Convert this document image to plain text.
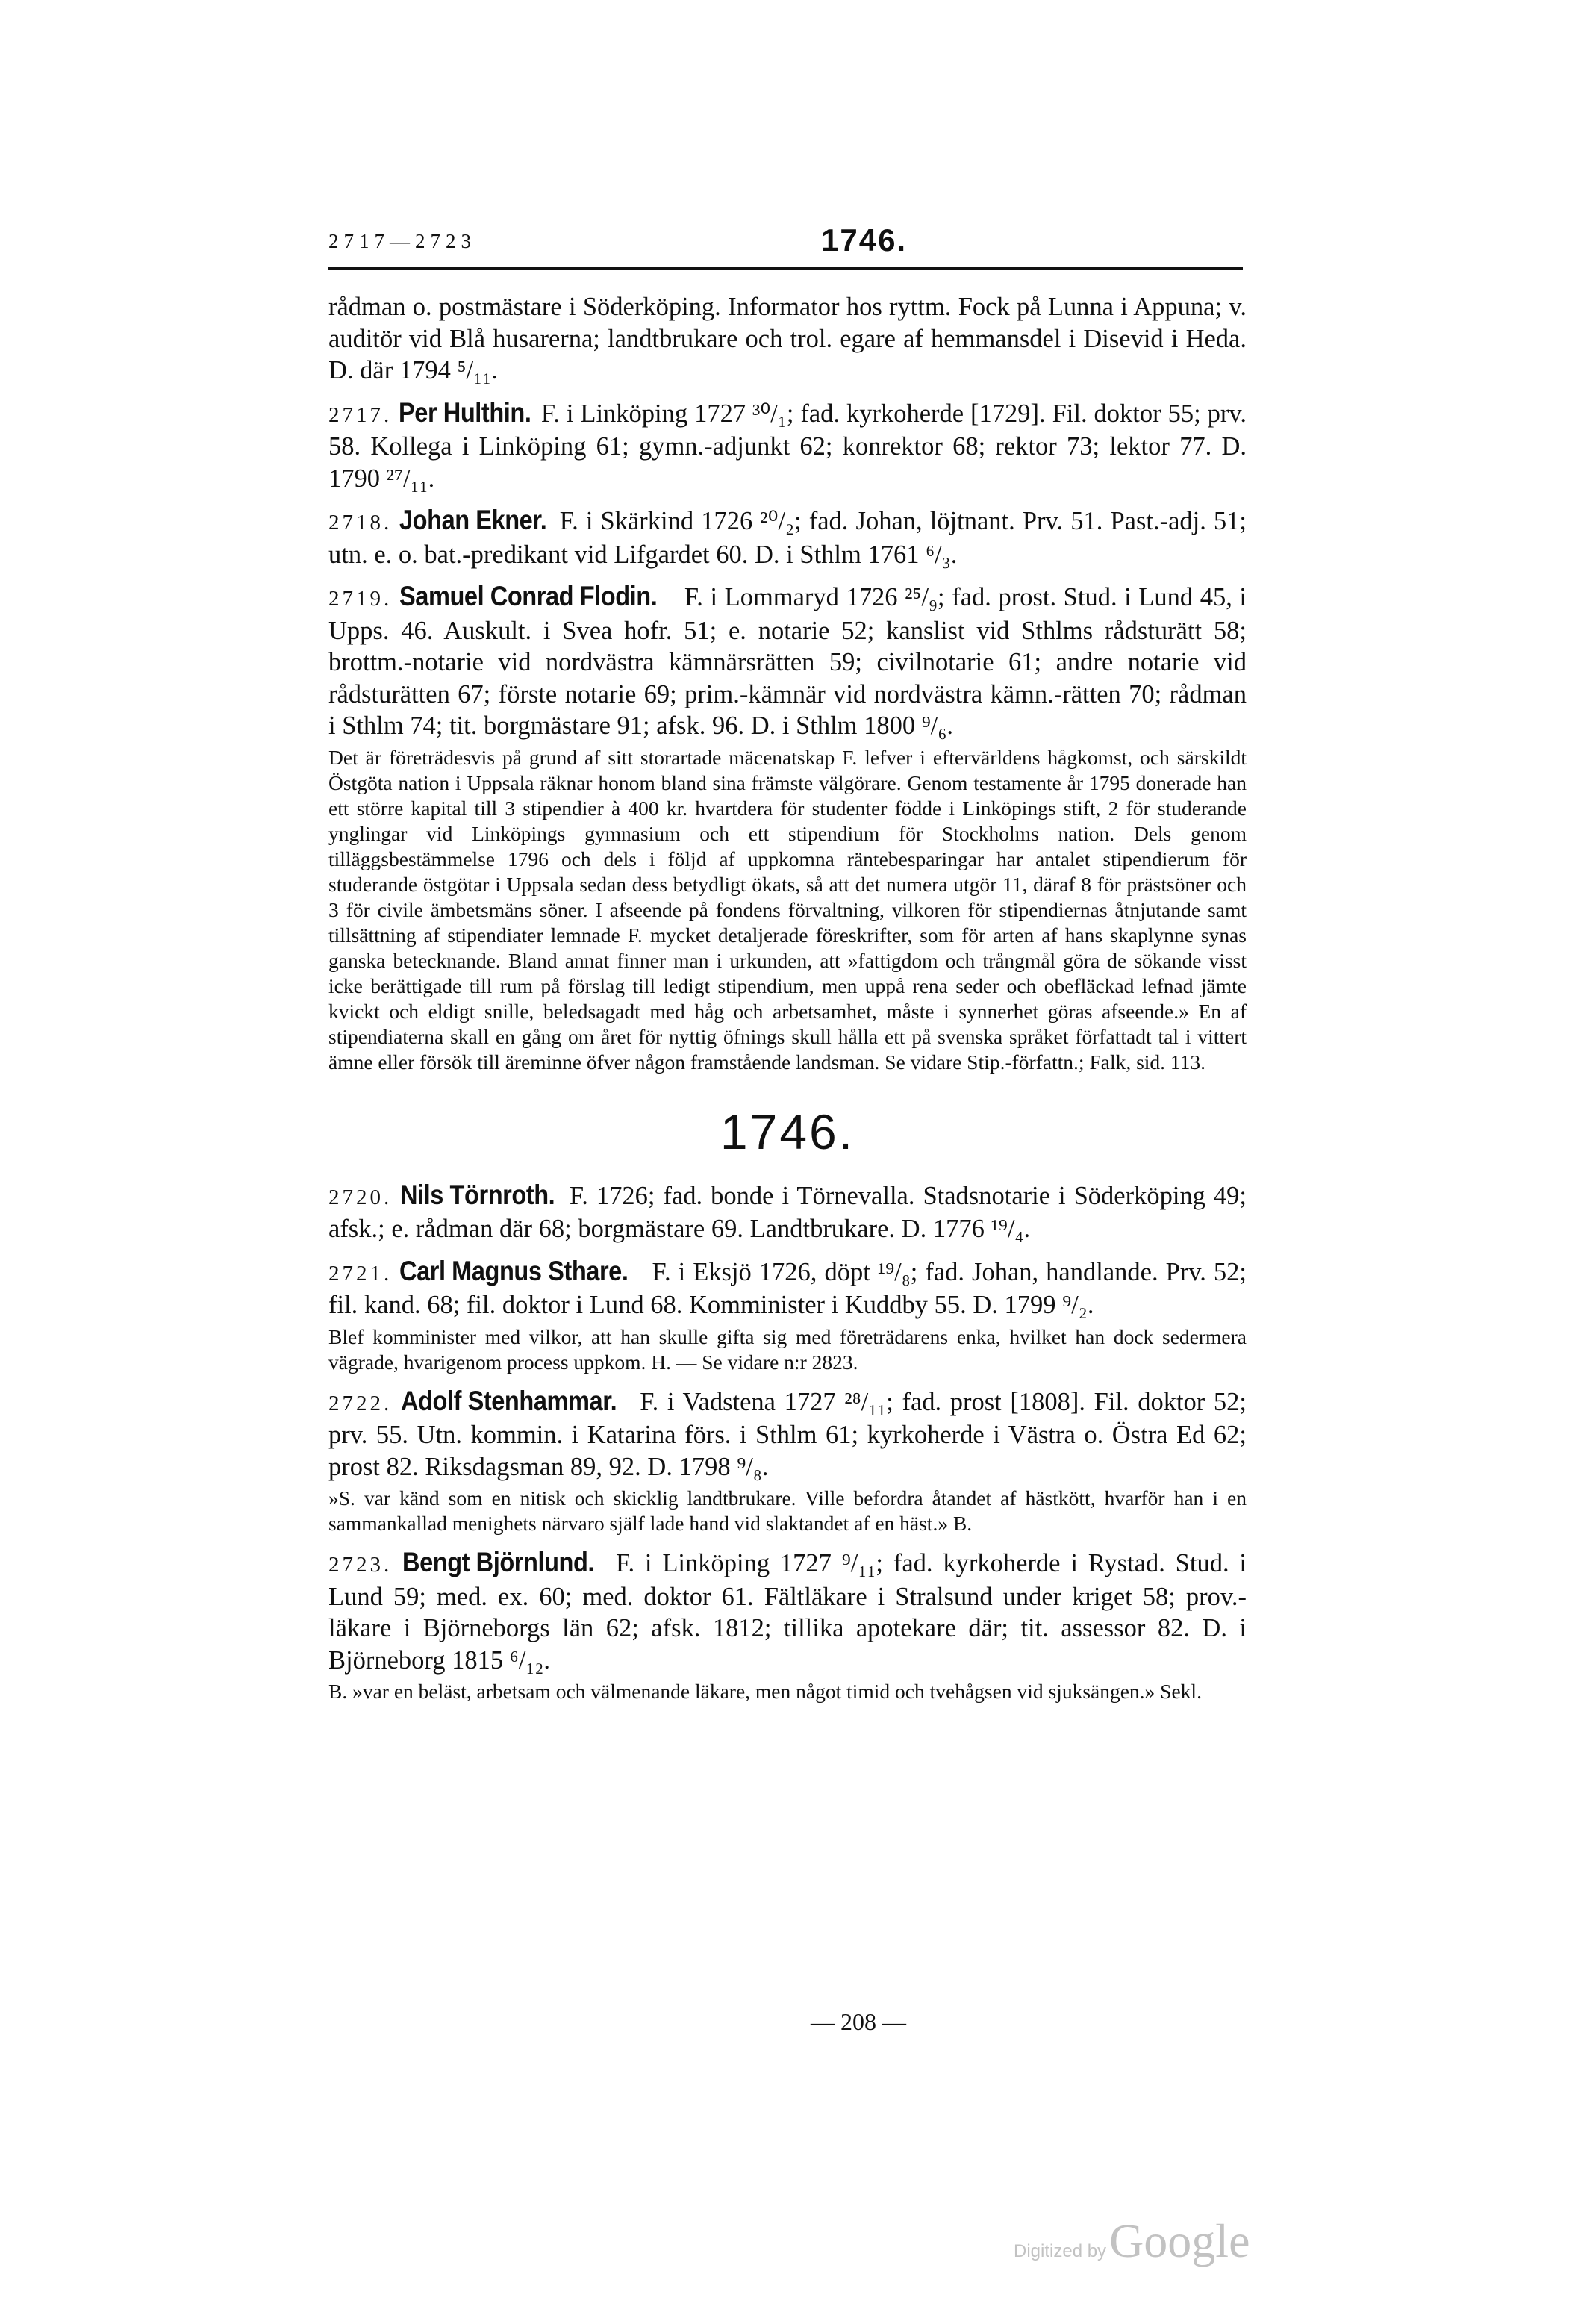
2717—2723	1746.

rådman o. postmästare i Söderköping. Informator hos ryttm. Fock på Lunna i Appuna; v. auditör vid Blå husarerna; landtbrukare och trol. egare af hemmansdel i Disevid i Heda. D. där 1794 ⁵/₁₁.

2717. Per Hulthin. F. i Linköping 1727 ³⁰/₁; fad. kyrkoherde [1729]. Fil. doktor 55; prv. 58. Kollega i Linköping 61; gymn.-adjunkt 62; konrektor 68; rektor 73; lektor 77. D. 1790 ²⁷/₁₁.

2718. Johan Ekner. F. i Skärkind 1726 ²⁰/₂; fad. Johan, löjtnant. Prv. 51. Past.-adj. 51; utn. e. o. bat.-predikant vid Lifgardet 60. D. i Sthlm 1761 ⁶/₃.

2719. Samuel Conrad Flodin. F. i Lommaryd 1726 ²⁵/₉; fad. prost. Stud. i Lund 45, i Upps. 46. Auskult. i Svea hofr. 51; e. notarie 52; kanslist vid Sthlms rådsturätt 58; brottm.-notarie vid nordvästra kämnärsrätten 59; civilnotarie 61; andre notarie vid rådsturätten 67; förste notarie 69; prim.-kämnär vid nordvästra kämn.-rätten 70; rådman i Sthlm 74; tit. borgmästare 91; afsk. 96. D. i Sthlm 1800 ⁹/₆.

Det är företrädesvis på grund af sitt storartade mäcenatskap F. lefver i eftervärldens hågkomst, och särskildt Östgöta nation i Uppsala räknar honom bland sina främste välgörare. Genom testamente år 1795 donerade han ett större kapital till 3 stipendier à 400 kr. hvartdera för studenter födde i Linköpings stift, 2 för studerande ynglingar vid Linköpings gymnasium och ett stipendium för Stockholms nation. Dels genom tilläggsbestämmelse 1796 och dels i följd af uppkomna räntebesparingar har antalet stipendierum för studerande östgötar i Uppsala sedan dess betydligt ökats, så att det numera utgör 11, däraf 8 för prästsöner och 3 för civile ämbetsmäns söner. I afseende på fondens förvaltning, vilkoren för stipendiernas åtnjutande samt tillsättning af stipendiater lemnade F. mycket detaljerade föreskrifter, som för arten af hans skaplynne synas ganska betecknande. Bland annat finner man i urkunden, att »fattigdom och trångmål göra de sökande visst icke berättigade till rum på förslag till ledigt stipendium, men uppå rena seder och obefläckad lefnad jämte kvickt och eldigt snille, beledsagadt med håg och arbetsamhet, måste i synnerhet göras afseende.» En af stipendiaterna skall en gång om året för nyttig öfnings skull hålla ett på svenska språket författadt tal i vittert ämne eller försök till äreminne öfver någon framstående landsman. Se vidare Stip.-författn.; Falk, sid. 113.

1746.

2720. Nils Törnroth. F. 1726; fad. bonde i Törnevalla. Stadsnotarie i Söderköping 49; afsk.; e. rådman där 68; borgmästare 69. Landtbrukare. D. 1776 ¹⁹/₄.

2721. Carl Magnus Sthare. F. i Eksjö 1726, döpt ¹⁹/₈; fad. Johan, handlande. Prv. 52; fil. kand. 68; fil. doktor i Lund 68. Komminister i Kuddby 55. D. 1799 ⁹/₂.

Blef komminister med vilkor, att han skulle gifta sig med företrädarens enka, hvilket han dock sedermera vägrade, hvarigenom process uppkom. H. — Se vidare n:r 2823.

2722. Adolf Stenhammar. F. i Vadstena 1727 ²⁸/₁₁; fad. prost [1808]. Fil. doktor 52; prv. 55. Utn. kommin. i Katarina förs. i Sthlm 61; kyrkoherde i Västra o. Östra Ed 62; prost 82. Riksdagsman 89, 92. D. 1798 ⁹/₈.

»S. var känd som en nitisk och skicklig landtbrukare. Ville befordra åtandet af hästkött, hvarför han i en sammankallad menighets närvaro själf lade hand vid slaktandet af en häst.» B.

2723. Bengt Björnlund. F. i Linköping 1727 ⁹/₁₁; fad. kyrkoherde i Rystad. Stud. i Lund 59; med. ex. 60; med. doktor 61. Fältläkare i Stralsund under kriget 58; prov.-läkare i Björneborgs län 62; afsk. 1812; tillika apotekare där; tit. assessor 82. D. i Björneborg 1815 ⁶/₁₂.

B. »var en beläst, arbetsam och välmenande läkare, men något timid och tvehågsen vid sjuksängen.» Sekl.

— 208 —
Digitized by Google
